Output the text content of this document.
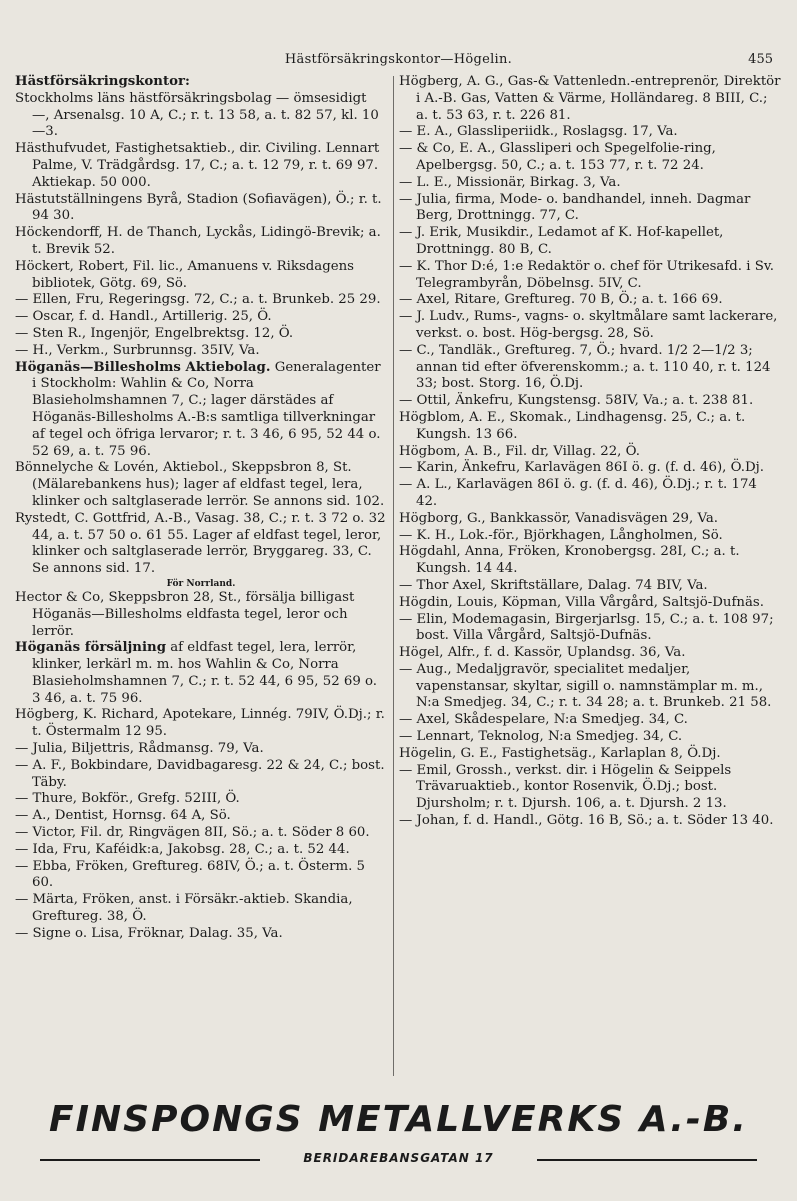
Hästförsäkringskontor—Högelin.	455

Hästförsäkringskontor:

Stockholms läns hästförsäkringsbolag — ömsesidigt —, Arsenalsg. 10 A, C.; r. t. 13 58, a. t. 82 57, kl. 10—3.

Hästhufvudet, Fastighetsaktieb., dir. Civiling. Lennart Palme, V. Trädgårdsg. 17, C.; a. t. 12 79, r. t. 69 97. Aktiekap. 50 000.

Hästutställningens Byrå, Stadion (Sofiavägen), Ö.; r. t. 94 30.

Höckendorff, H. de Thanch, Lyckås, Lidingö-Brevik; a. t. Brevik 52.

Höckert, Robert, Fil. lic., Amanuens v. Riksdagens bibliotek, Götg. 69, Sö.

— Ellen, Fru, Regeringsg. 72, C.; a. t. Brunkeb. 25 29.

— Oscar, f. d. Handl., Artillerig. 25, Ö.

— Sten R., Ingenjör, Engelbrektsg. 12, Ö.

— H., Verkm., Surbrunnsg. 35IV, Va.

Höganäs—Billesholms Aktiebolag. Generalagenter i Stockholm: Wahlin & Co, Norra Blasieholmshamnen 7, C.; lager därstädes af Höganäs-Billesholms A.-B:s samtliga tillverkningar af tegel och öfriga lervaror; r. t. 3 46, 6 95, 52 44 o. 52 69, a. t. 75 96.

Bönnelyche & Lovén, Aktiebol., Skeppsbron 8, St. (Mälarebankens hus); lager af eldfast tegel, lera, klinker och saltglaserade lerrör. Se annons sid. 102.

Rystedt, C. Gottfrid, A.-B., Vasag. 38, C.; r. t. 3 72 o. 32 44, a. t. 57 50 o. 61 55. Lager af eldfast tegel, leror, klinker och saltglaserade lerrör, Bryggareg. 33, C. Se annons sid. 17.

För Norrland.

Hector & Co, Skeppsbron 28, St., försälja billigast Höganäs—Billesholms eldfasta tegel, leror och lerrör.

Höganäs försäljning af eldfast tegel, lera, lerrör, klinker, lerkärl m. m. hos Wahlin & Co, Norra Blasieholmshamnen 7, C.; r. t. 52 44, 6 95, 52 69 o. 3 46, a. t. 75 96.

Högberg, K. Richard, Apotekare, Linnég. 79IV, Ö.Dj.; r. t. Östermalm 12 95.

— Julia, Biljettris, Rådmansg. 79, Va.

— A. F., Bokbindare, Davidbagaresg. 22 & 24, C.; bost. Täby.

— Thure, Bokför., Grefg. 52III, Ö.

— A., Dentist, Hornsg. 64 A, Sö.

— Victor, Fil. dr, Ringvägen 8II, Sö.; a. t. Söder 8 60.

— Ida, Fru, Kaféidk:a, Jakobsg. 28, C.; a. t. 52 44.

— Ebba, Fröken, Greftureg. 68IV, Ö.; a. t. Österm. 5 60.

— Märta, Fröken, anst. i Försäkr.-aktieb. Skandia, Greftureg. 38, Ö.

— Signe o. Lisa, Fröknar, Dalag. 35, Va.

Högberg, A. G., Gas-& Vattenledn.-entreprenör, Direktör i A.-B. Gas, Vatten & Värme, Holländareg. 8 BIII, C.; a. t. 53 63, r. t. 226 81.

— E. A., Glassliperiidk., Roslagsg. 17, Va.

— & Co, E. A., Glassliperi och Spegelfolie-ring, Apelbergsg. 50, C.; a. t. 153 77, r. t. 72 24.

— L. E., Missionär, Birkag. 3, Va.

— Julia, firma, Mode- o. bandhandel, inneh. Dagmar Berg, Drottningg. 77, C.

— J. Erik, Musikdir., Ledamot af K. Hof-kapellet, Drottningg. 80 B, C.

— K. Thor D:é, 1:e Redaktör o. chef för Utrikesafd. i Sv. Telegrambyrån, Döbelnsg. 5IV, C.

— Axel, Ritare, Greftureg. 70 B, Ö.; a. t. 166 69.

— J. Ludv., Rums-, vagns- o. skyltmålare samt lackerare, verkst. o. bost. Hög-bergsg. 28, Sö.

— C., Tandläk., Greftureg. 7, Ö.; hvard. 1/2 2—1/2 3; annan tid efter öfverenskomm.; a. t. 110 40, r. t. 124 33; bost. Storg. 16, Ö.Dj.

— Ottil, Änkefru, Kungstensg. 58IV, Va.; a. t. 238 81.

Högblom, A. E., Skomak., Lindhagensg. 25, C.; a. t. Kungsh. 13 66.

Högbom, A. B., Fil. dr, Villag. 22, Ö.

— Karin, Änkefru, Karlavägen 86I ö. g. (f. d. 46), Ö.Dj.

— A. L., Karlavägen 86I ö. g. (f. d. 46), Ö.Dj.; r. t. 174 42.

Högborg, G., Bankkassör, Vanadisvägen 29, Va.

— K. H., Lok.-för., Björkhagen, Långholmen, Sö.

Högdahl, Anna, Fröken, Kronobergsg. 28I, C.; a. t. Kungsh. 14 44.

— Thor Axel, Skriftställare, Dalag. 74 BIV, Va.

Högdin, Louis, Köpman, Villa Vårgård, Saltsjö-Dufnäs.

— Elin, Modemagasin, Birgerjarlsg. 15, C.; a. t. 108 97; bost. Villa Vårgård, Saltsjö-Dufnäs.

Högel, Alfr., f. d. Kassör, Uplandsg. 36, Va.

— Aug., Medaljgravör, specialitet medaljer, vapenstansar, skyltar, sigill o. namnstämplar m. m., N:a Smedjeg. 34, C.; r. t. 34 28; a. t. Brunkeb. 21 58.

— Axel, Skådespelare, N:a Smedjeg. 34, C.

— Lennart, Teknolog, N:a Smedjeg. 34, C.

Högelin, G. E., Fastighetsäg., Karlaplan 8, Ö.Dj.

— Emil, Grossh., verkst. dir. i Högelin & Seippels Trävaruaktieb., kontor Rosenvik, Ö.Dj.; bost. Djursholm; r. t. Djursh. 106, a. t. Djursh. 2 13.

— Johan, f. d. Handl., Götg. 16 B, Sö.; a. t. Söder 13 40.

FINSPONGS METALLVERKS A.-B.
BERIDAREBANSGATAN 17
